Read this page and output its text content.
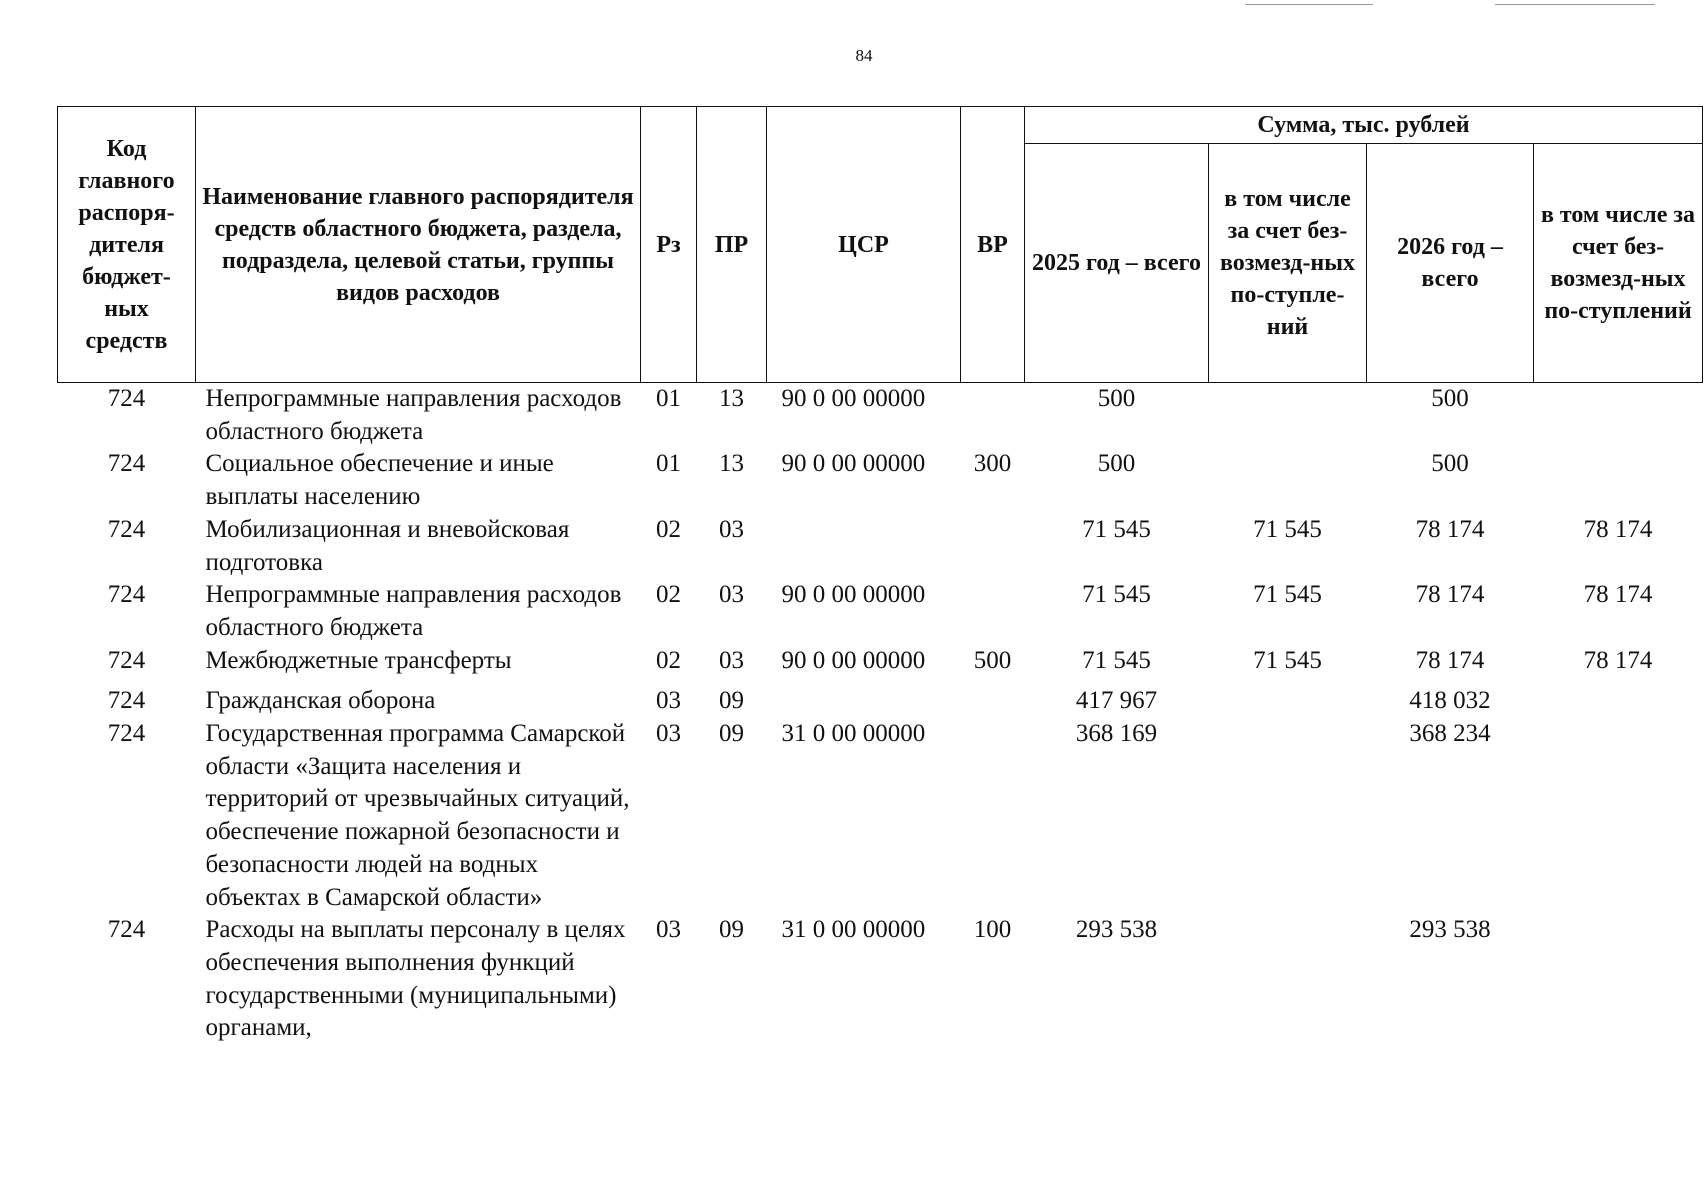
84
Код главного распоря-дителя бюджет-ных средств	Наименование главного распорядителя средств областного бюджета, раздела, подраздела, целевой статьи, группы видов расходов	Рз	ПР	ЦСР	ВР	Сумма, тыс. рублей			
						2025 год – всего	в том числе за счет без-возмезд-ных по-ступле-ний	2026 год – всего	в том числе за счет без-возмезд-ных по-ступлений
724	Непрограммные направления расходов областного бюджета	01	13	90 0 00 00000		500		500	
724	Социальное обеспечение и иные выплаты населению	01	13	90 0 00 00000	300	500		500	
724	Мобилизационная и вневойсковая подготовка	02	03			71 545	71 545	78 174	78 174
724	Непрограммные направления расходов областного бюджета	02	03	90 0 00 00000		71 545	71 545	78 174	78 174
724	Межбюджетные трансферты	02	03	90 0 00 00000	500	71 545	71 545	78 174	78 174

724	Гражданская оборона	03	09			417 967		418 032	
724	Государственная программа Самарской области «Защита населения и территорий от чрезвычайных ситуаций, обеспечение пожарной безопасности и безопасности людей на водных объектах в Самарской области»	03	09	31 0 00 00000		368 169		368 234	
724	Расходы на выплаты персоналу в целях обеспечения выполнения функций государственными (муниципальными) органами,	03	09	31 0 00 00000	100	293 538		293 538	
